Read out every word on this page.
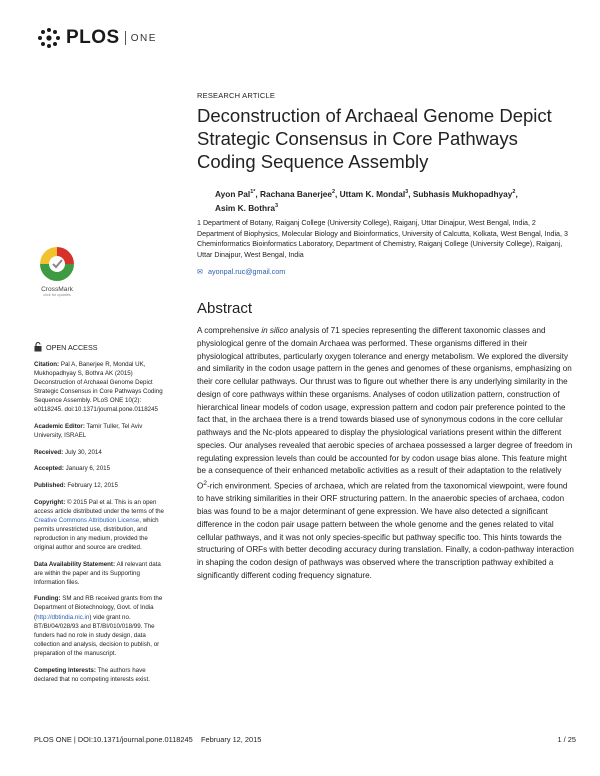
PLOS ONE
RESEARCH ARTICLE
Deconstruction of Archaeal Genome Depict Strategic Consensus in Core Pathways Coding Sequence Assembly
Ayon Pal$^{1*}$, Rachana Banerjee$^2$, Uttam K. Mondal$^3$, Subhasis Mukhopadhyay$^2$,
Asim K. Bothra$^3$
1 Department of Botany, Raiganj College (University College), Raiganj, Uttar Dinajpur, West Bengal, India, 2 Department of Biophysics, Molecular Biology and Bioinformatics, University of Calcutta, Kolkata, West Bengal, India, 3 Cheminformatics Bioinformatics Laboratory, Department of Chemistry, Raiganj College (University College), Raiganj, Uttar Dinajpur, West Bengal, India
✉ ayonpal.ruc@gmail.com
CrossMark
click for updates
OPEN ACCESS

Citation: Pal A, Banerjee R, Mondal UK, Mukhopadhyay S, Bothra AK (2015) Deconstruction of Archaeal Genome Depict Strategic Consensus in Core Pathways Coding Sequence Assembly. PLoS ONE 10(2): e0118245. doi:10.1371/journal.pone.0118245

Academic Editor: Tamir Tuller, Tel Aviv University, ISRAEL

Received: July 30, 2014

Accepted: January 6, 2015

Published: February 12, 2015

Copyright: © 2015 Pal et al. This is an open access article distributed under the terms of the Creative Commons Attribution License, which permits unrestricted use, distribution, and reproduction in any medium, provided the original author and source are credited.

Data Availability Statement: All relevant data are within the paper and its Supporting Information files.

Funding: SM and RB received grants from the Department of Biotechnology, Govt. of India (http://dbtindia.nic.in) vide grant no. BT/BI/04/028/93 and BT/BI/010/018/99. The funders had no role in study design, data collection and analysis, decision to publish, or preparation of the manuscript.

Competing Interests: The authors have declared that no competing interests exist.

Abstract

A comprehensive in silico analysis of 71 species representing the different taxonomic classes and physiological genre of the domain Archaea was performed. These organisms differed in their physiological attributes, particularly oxygen tolerance and energy metabolism. We explored the diversity and similarity in the codon usage pattern in the genes and genomes of these organisms, emphasizing on their core cellular pathways. Our thrust was to figure out whether there is any underlying similarity in the design of core pathways within these organisms. Analyses of codon utilization pattern, construction of hierarchical linear models of codon usage, expression pattern and codon pair preference pointed to the fact that, in the archaea there is a trend towards biased use of synonymous codons in the core cellular pathways and the Nc-plots appeared to display the physiological variations present within the different species. Our analyses revealed that aerobic species of archaea possessed a larger degree of freedom in regulating expression levels than could be accounted for by codon usage bias alone. This feature might be a consequence of their enhanced metabolic activities as a result of their adaptation to the relatively $O^2$-rich environment. Species of archaea, which are related from the taxonomical viewpoint, were found to have striking similarities in their ORF structuring pattern. In the anaerobic species of archaea, codon bias was found to be a major determinant of gene expression. We have also detected a significant difference in the codon pair usage pattern between the whole genome and the genes related to vital cellular pathways, and it was not only species-specific but pathway specific too. This hints towards the structuring of ORFs with better decoding accuracy during translation. Finally, a codon-pathway interaction in shaping the codon design of pathways was observed where the transcription pathway exhibited a significantly different coding frequency signature.

PLOS ONE | DOI:10.1371/journal.pone.0118245    February 12, 2015	1 / 25
